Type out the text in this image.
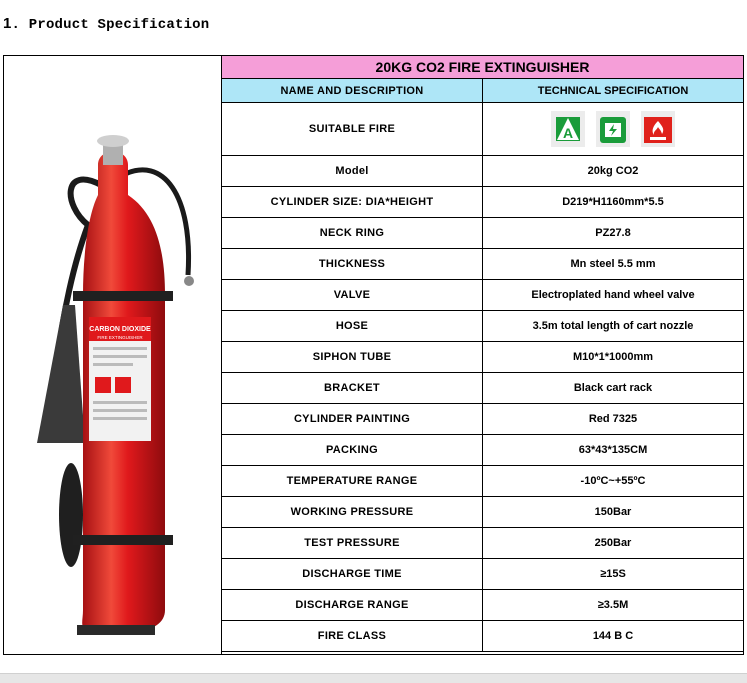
1. Product Specification
CARBON DIOXIDE
FIRE EXTINGUISHER
20KG CO2 FIRE EXTINGUISHER	
NAME AND DESCRIPTION	TECHNICAL SPECIFICATION
SUITABLE FIRE	A

Model	20kg CO2
CYLINDER SIZE: DIA*HEIGHT	D219*H1160mm*5.5
NECK RING	PZ27.8
THICKNESS	Mn steel 5.5 mm
VALVE	Electroplated hand wheel valve
HOSE	3.5m total length of cart nozzle
SIPHON TUBE	M10*1*1000mm
BRACKET	Black cart rack
CYLINDER PAINTING	Red 7325
PACKING	63*43*135CM
TEMPERATURE RANGE	-10ºC~+55ºC
WORKING PRESSURE	150Bar
TEST PRESSURE	250Bar
DISCHARGE TIME	≥15S
DISCHARGE RANGE	≥3.5M
FIRE CLASS	144 B C
